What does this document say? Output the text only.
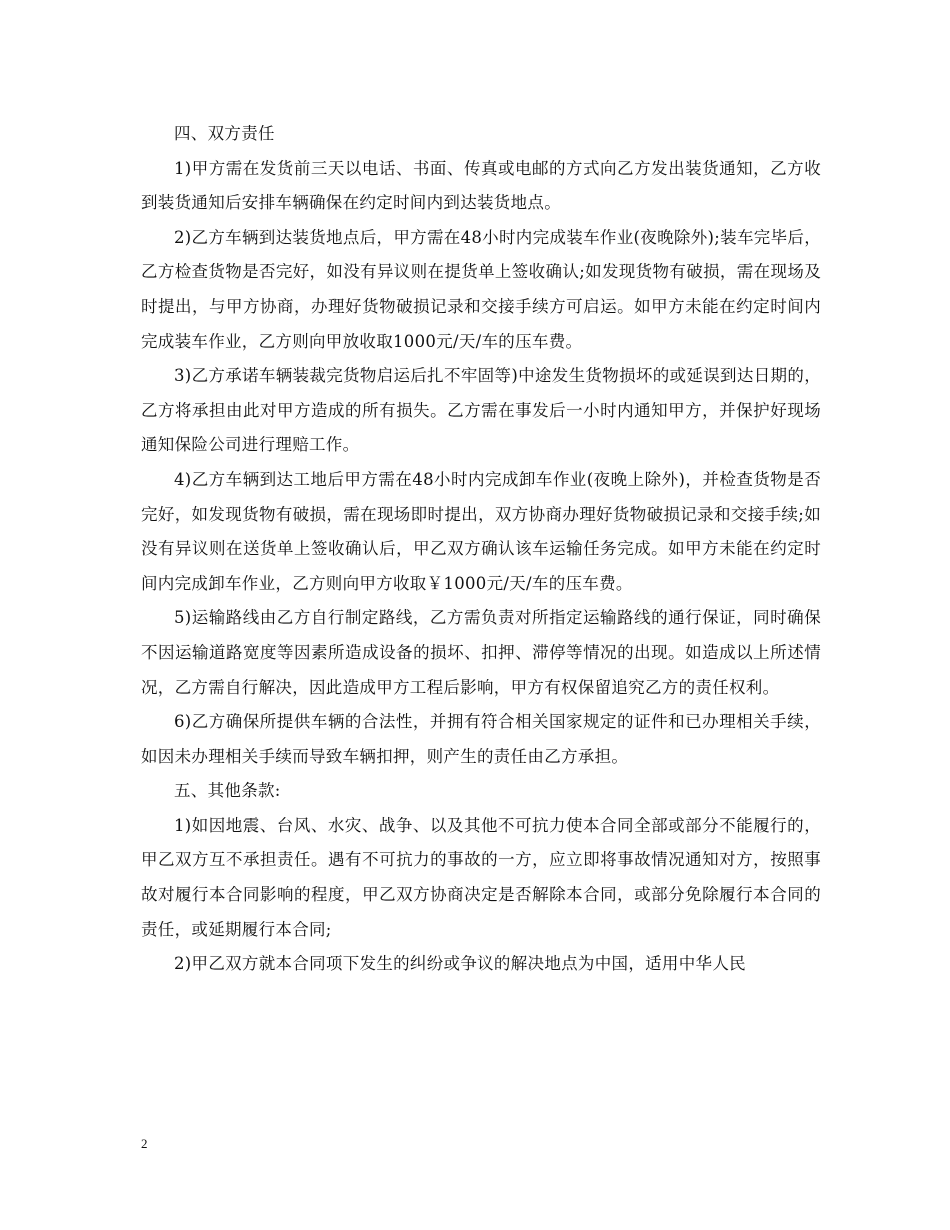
四、双方责任

1)甲方需在发货前三天以电话、书面、传真或电邮的方式向乙方发出装货通知，乙方收到装货通知后安排车辆确保在约定时间内到达装货地点。

2)乙方车辆到达装货地点后，甲方需在48小时内完成装车作业(夜晚除外);装车完毕后，乙方检查货物是否完好，如没有异议则在提货单上签收确认;如发现货物有破损，需在现场及时提出，与甲方协商，办理好货物破损记录和交接手续方可启运。如甲方未能在约定时间内完成装车作业，乙方则向甲放收取1000元/天/车的压车费。

3)乙方承诺车辆装裁完货物启运后扎不牢固等)中途发生货物损坏的或延误到达日期的，乙方将承担由此对甲方造成的所有损失。乙方需在事发后一小时内通知甲方，并保护好现场通知保险公司进行理赔工作。

4)乙方车辆到达工地后甲方需在48小时内完成卸车作业(夜晚上除外)，并检查货物是否完好，如发现货物有破损，需在现场即时提出，双方协商办理好货物破损记录和交接手续;如没有异议则在送货单上签收确认后，甲乙双方确认该车运输任务完成。如甲方未能在约定时间内完成卸车作业，乙方则向甲方收取￥1000元/天/车的压车费。

5)运输路线由乙方自行制定路线，乙方需负责对所指定运输路线的通行保证，同时确保不因运输道路宽度等因素所造成设备的损坏、扣押、滞停等情况的出现。如造成以上所述情况，乙方需自行解决，因此造成甲方工程后影响，甲方有权保留追究乙方的责任权利。

6)乙方确保所提供车辆的合法性，并拥有符合相关国家规定的证件和已办理相关手续，如因未办理相关手续而导致车辆扣押，则产生的责任由乙方承担。

五、其他条款:

1)如因地震、台风、水灾、战争、以及其他不可抗力使本合同全部或部分不能履行的，甲乙双方互不承担责任。遇有不可抗力的事故的一方，应立即将事故情况通知对方，按照事故对履行本合同影响的程度，甲乙双方协商决定是否解除本合同，或部分免除履行本合同的责任，或延期履行本合同;

2)甲乙双方就本合同项下发生的纠纷或争议的解决地点为中国，适用中华人民

2
